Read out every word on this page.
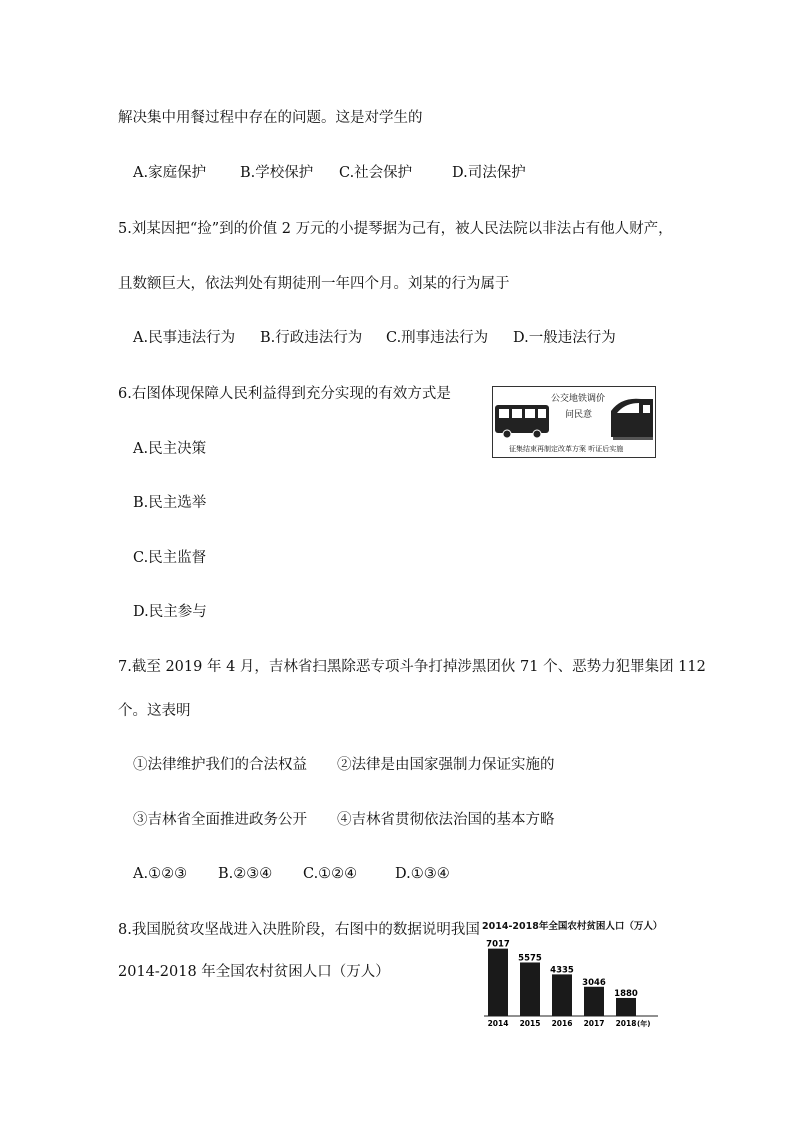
解决集中用餐过程中存在的问题。这是对学生的
A.家庭保护 B.学校保护 C.社会保护	D.司法保护
5.刘某因把“捡”到的价值 2 万元的小提琴据为己有，被人民法院以非法占有他人财产，
且数额巨大，依法判处有期徒刑一年四个月。刘某的行为属于
A.民事违法行为 B.行政违法行为 C.刑事违法行为 D.一般违法行为
6.右图体现保障人民利益得到充分实现的有效方式是
A.民主决策
B.民主选举
C.民主监督
D.民主参与
公交地铁调价
问民意
征集结束再制定改革方案 听证后实施
7.截至 2019 年 4 月，吉林省扫黑除恶专项斗争打掉涉黑团伙 71 个、恶势力犯罪集团 112
个。这表明
①法律维护我们的合法权益 ②法律是由国家强制力保证实施的
③吉林省全面推进政务公开 ④吉林省贯彻依法治国的基本方略
A.①②③ B.②③④ C.①②④	D.①③④
8.我国脱贫攻坚战进入决胜阶段，右图中的数据说明我国
2014-2018 年全国农村贫困人口（万人）
2014-2018年全国农村贫困人口（万人）
7017
2014
5575
2015
4335
2016
3046
2017
1880
2018 (年)
